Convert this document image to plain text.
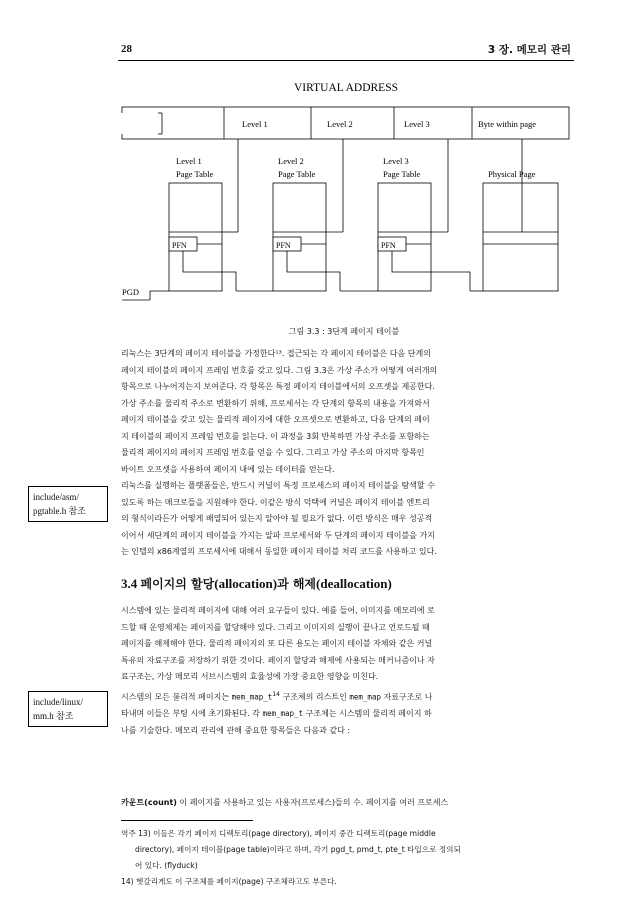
28	3 장. 메모리 관리
VIRTUAL ADDRESS
Level 1	Level 2	Level 3	Byte within page
Level 1
Page Table
Level 2
Page Table
Level 3
Page Table	Physical Page
PFN	PFN	PFN
PGD
그림 3.3 : 3단계 페이지 테이블
리눅스는 3단계의 페이지 테이블을 가정한다¹³. 접근되는 각 페이지 테이블은 다음 단계의
페이지 테이블의 페이지 프레임 번호를 갖고 있다. 그림 3.3은 가상 주소가 어떻게 여러개의
항목으로 나누어지는지 보여준다. 각 항목은 특정 페이지 테이블에서의 오프셋을 제공한다.
가상 주소를 물리적 주소로 변환하기 위해, 프로세서는 각 단계의 항목의 내용을 가져와서
페이지 테이블을 갖고 있는 물리적 페이지에 대한 오프셋으로 변환하고, 다음 단계의 페이
지 테이블의 페이지 프레임 번호를 읽는다. 이 과정을 3회 반복하면 가상 주소를 포함하는
물리적 페이지의 페이지 프레임 번호를 얻을 수 있다. 그리고 가상 주소의 마지막 항목인
바이트 오프셋을 사용하여 페이지 내에 있는 데이터를 얻는다.
include/asm/
pgtable.h 참조
리눅스를 실행하는 플랫폼들은, 반드시 커널이 특정 프로세스의 페이지 테이블을 탐색할 수
있도록 하는 매크로들을 지원해야 한다. 이같은 방식 덕택에 커널은 페이지 테이블 엔트리
의 형식이라든가 어떻게 배열되어 있는지 알아야 될 필요가 없다. 이런 방식은 매우 성공적
이어서 세단계의 페이지 테이블을 가지는 알파 프로세서와 두 단계의 페이지 테이블을 가지
는 인텔의 x86계열의 프로세서에 대해서 동일한 페이지 테이블 처리 코드를 사용하고 있다.
3.4 페이지의 할당(allocation)과 해제(deallocation)
시스템에 있는 물리적 페이지에 대해 여러 요구들이 있다. 예를 들어, 이미지를 메모리에 로
드할 때 운영체제는 페이지를 할당해야 있다. 그리고 이미지의 실행이 끝나고 언로드될 때
페이지를 해제해야 한다. 물리적 페이지의 또 다른 용도는 페이지 테이블 자체와 같은 커널
특유의 자료구조를 저장하기 위한 것이다. 페이지 할당과 해제에 사용되는 메커니즘이나 자
료구조는, 가상 메모리 서브시스템의 효율성에 가장 중요한 영향을 미친다.
include/linux/
mm.h 참조
시스템의 모든 물리적 페이지는 $mem\_map\_t^{14}$ 구조체의 리스트인 mem_map 자료구조로 나
타내며 이들은 부팅 시에 초기화된다. 각 mem_map_t 구조체는 시스템의 물리적 페이지 하
나를 기술한다. 메모리 관리에 관해 중요한 항목들은 다음과 같다 :
카운트(count) 이 페이지를 사용하고 있는 사용자(프로세스)들의 수. 페이지를 여러 프로세스
역주 13) 이들은 각기 페이지 디렉토리(page directory), 페이지 중간 디렉토리(page middle
directory), 페이지 테이블(page table)이라고 하며, 각기 pgd_t, pmd_t, pte_t 타입으로 정의되
어 있다. (flyduck)
14) 헷갈리게도 이 구조체를 페이지(page) 구조체라고도 부른다.
